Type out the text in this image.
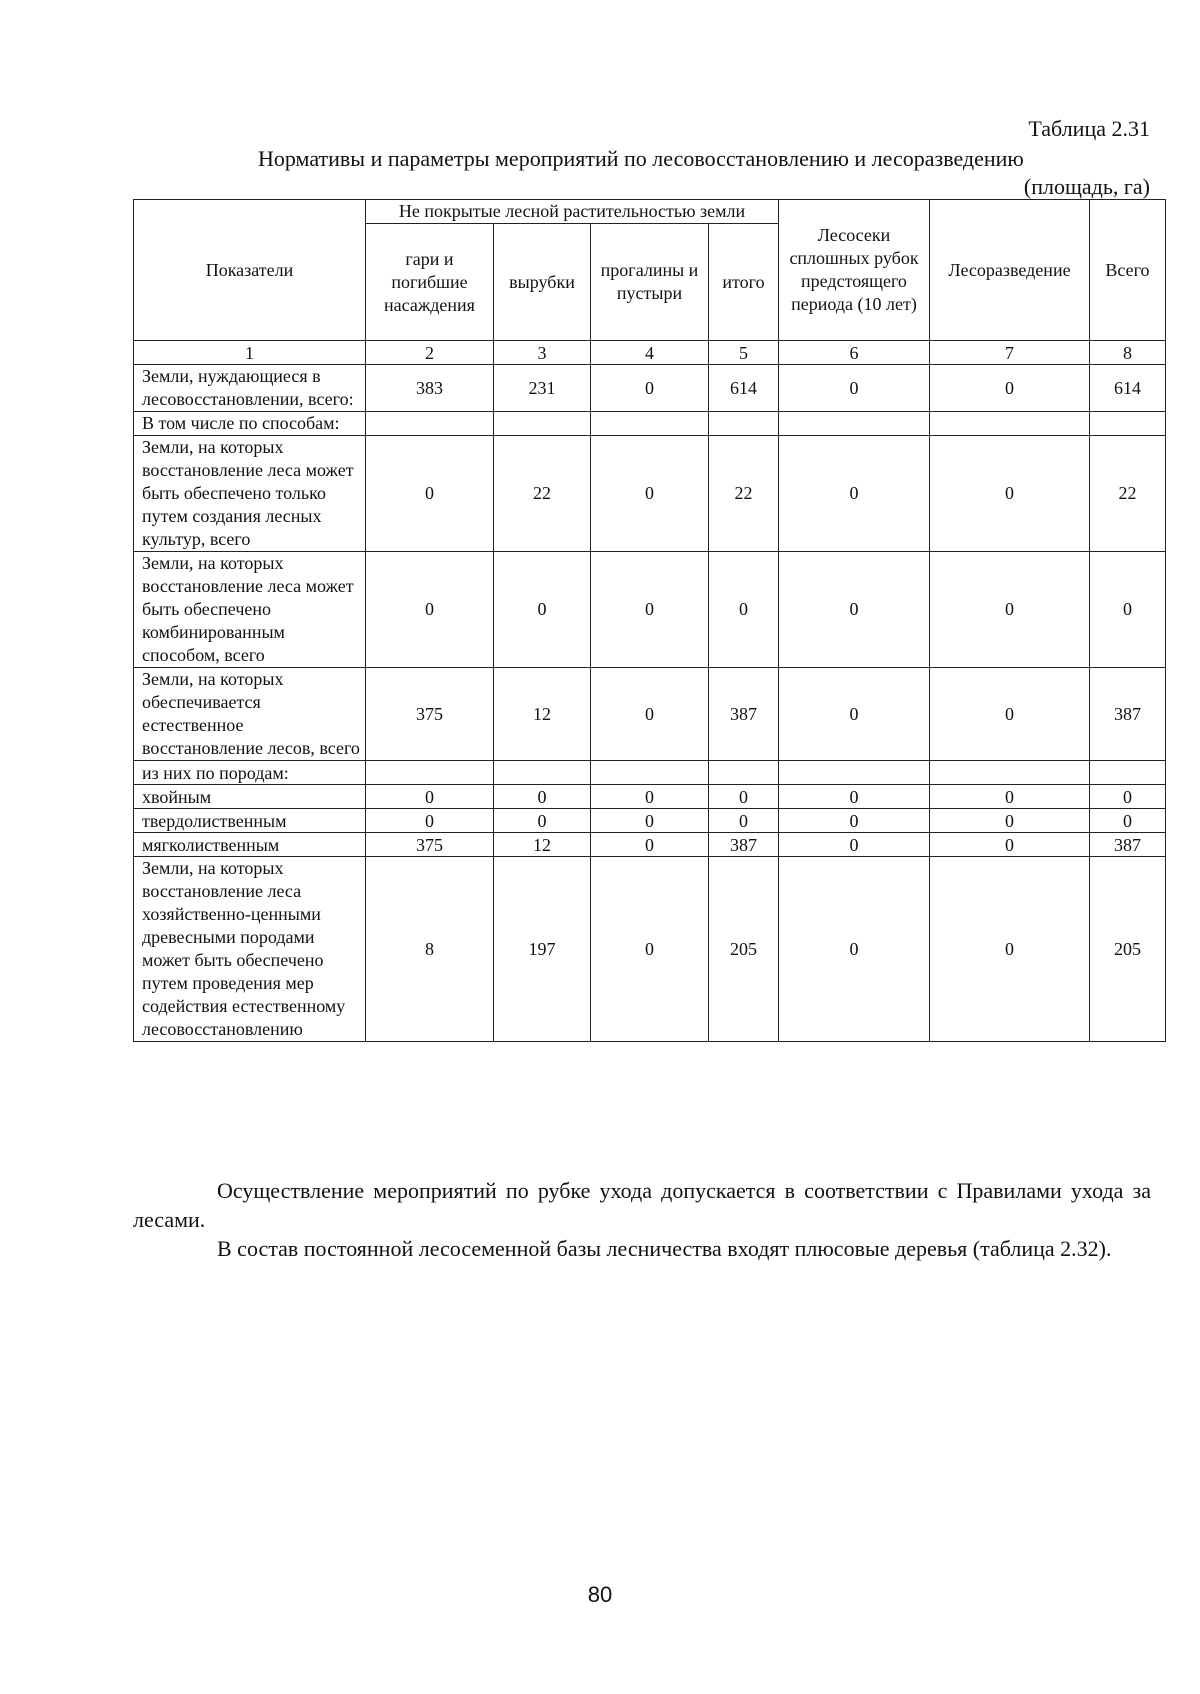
Таблица 2.31
Нормативы и параметры мероприятий по лесовосстановлению и лесоразведению
(площадь, га)
Показатели	Не покрытые лесной растительностью земли				Лесосеки сплошных рубок предстоящего периода (10 лет)	Лесоразведение	Всего
	гари и погибшие насаждения	вырубки	прогалины и пустыри	итого			
1	2	3	4	5	6	7	8
Земли, нуждающиеся в лесовосстановлении, всего:	383	231	0	614	0	0	614
В том числе по способам:							
Земли, на которых восстановление леса может быть обеспечено только путем создания лесных культур, всего	0	22	0	22	0	0	22
Земли, на которых восстановление леса может быть обеспечено комбинированным способом, всего	0	0	0	0	0	0	0
Земли, на которых обеспечивается естественное восстановление лесов, всего	375	12	0	387	0	0	387
из них по породам:							
хвойным	0	0	0	0	0	0	0
твердолиственным	0	0	0	0	0	0	0
мягколиственным	375	12	0	387	0	0	387
Земли, на которых восстановление леса хозяйственно-ценными древесными породами может быть обеспечено путем проведения мер содействия естественному лесовосстановлению	8	197	0	205	0	0	205
Осуществление мероприятий по рубке ухода допускается в соответствии с Правилами ухода за лесами.
В состав постоянной лесосеменной базы лесничества входят плюсовые деревья (таблица 2.32).
80
